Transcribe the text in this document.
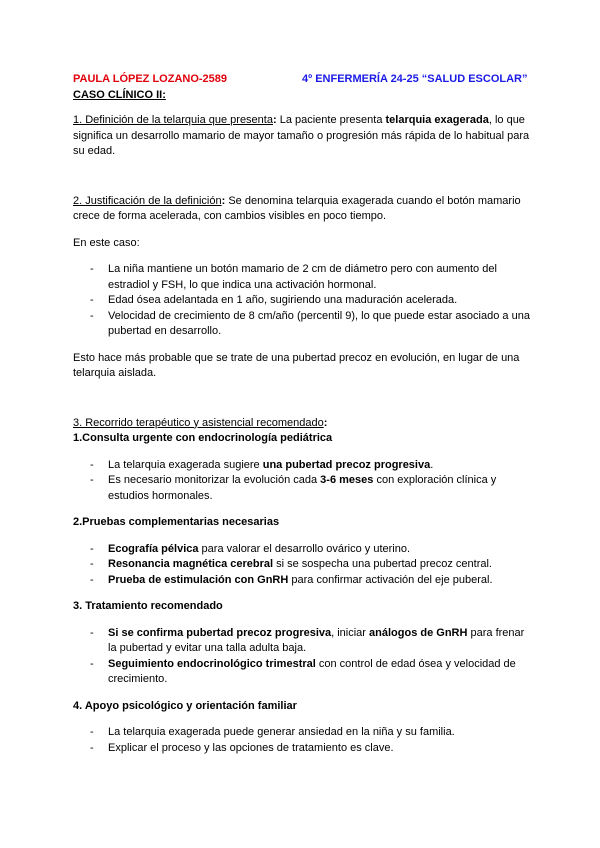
PAULA LÓPEZ LOZANO-2589	4º ENFERMERÍA 24-25 “SALUD ESCOLAR”
CASO CLÍNICO II:

1. Definición de la telarquia que presenta: La paciente presenta telarquia exagerada, lo que significa un desarrollo mamario de mayor tamaño o progresión más rápida de lo habitual para su edad.

2. Justificación de la definición: Se denomina telarquia exagerada cuando el botón mamario crece de forma acelerada, con cambios visibles en poco tiempo.

En este caso:

- La niña mantiene un botón mamario de 2 cm de diámetro pero con aumento del estradiol y FSH, lo que indica una activación hormonal.
- Edad ósea adelantada en 1 año, sugiriendo una maduración acelerada.
- Velocidad de crecimiento de 8 cm/año (percentil 9), lo que puede estar asociado a una pubertad en desarrollo.

Esto hace más probable que se trate de una pubertad precoz en evolución, en lugar de una telarquia aislada.

3. Recorrido terapéutico y asistencial recomendado:

1.Consulta urgente con endocrinología pediátrica

- La telarquia exagerada sugiere una pubertad precoz progresiva.
- Es necesario monitorizar la evolución cada 3-6 meses con exploración clínica y estudios hormonales.

2.Pruebas complementarias necesarias

- Ecografía pélvica para valorar el desarrollo ovárico y uterino.
- Resonancia magnética cerebral si se sospecha una pubertad precoz central.
- Prueba de estimulación con GnRH para confirmar activación del eje puberal.

3. Tratamiento recomendado

- Si se confirma pubertad precoz progresiva, iniciar análogos de GnRH para frenar la pubertad y evitar una talla adulta baja.
- Seguimiento endocrinológico trimestral con control de edad ósea y velocidad de crecimiento.

4. Apoyo psicológico y orientación familiar

- La telarquia exagerada puede generar ansiedad en la niña y su familia.
- Explicar el proceso y las opciones de tratamiento es clave.
